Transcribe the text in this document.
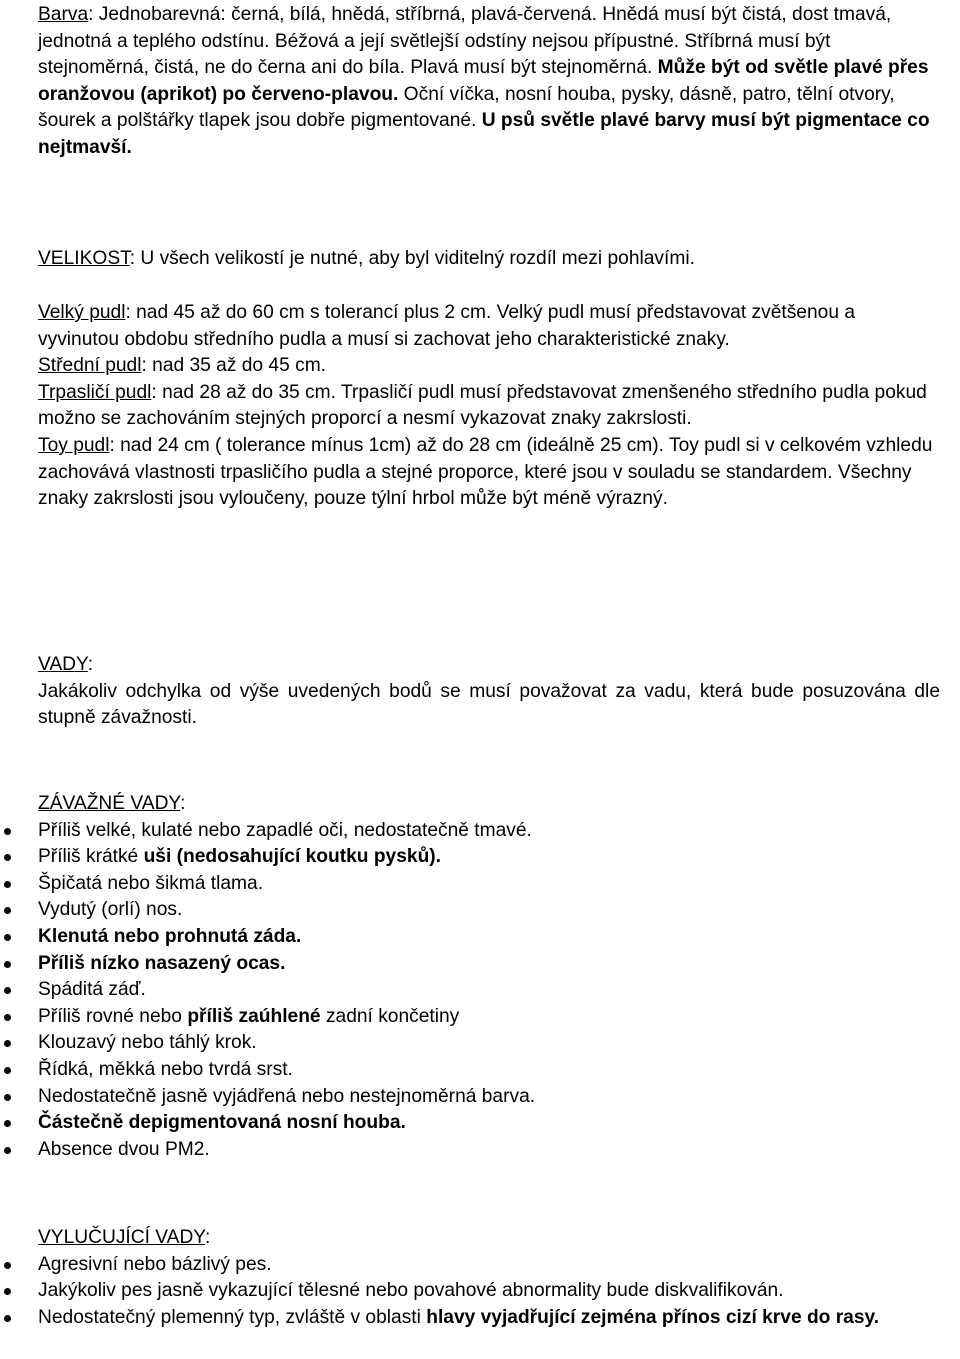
Barva: Jednobarevná: černá, bílá, hnědá, stříbrná, plavá-červená. Hnědá musí být čistá, dost tmavá, jednotná a teplého odstínu. Béžová a její světlejší odstíny nejsou přípustné. Stříbrná musí být stejnoměrná, čistá, ne do černa ani do bíla. Plavá musí být stejnoměrná. Může být od světle plavé přes oranžovou (aprikot) po červeno-plavou. Oční víčka, nosní houba, pysky, dásně, patro, tělní otvory, šourek a polštářky tlapek jsou dobře pigmentované. U psů světle plavé barvy musí být pigmentace co nejtmavší.

VELIKOST: U všech velikostí je nutné, aby byl viditelný rozdíl mezi pohlavími.

Velký pudl: nad 45 až do 60 cm s tolerancí plus 2 cm. Velký pudl musí představovat zvětšenou a vyvinutou obdobu středního pudla a musí si zachovat jeho charakteristické znaky.
Střední pudl: nad 35 až do 45 cm.
Trpasličí pudl: nad 28 až do 35 cm. Trpasličí pudl musí představovat zmenšeného středního pudla pokud možno se zachováním stejných proporcí a nesmí vykazovat znaky zakrslosti.
Toy pudl: nad 24 cm ( tolerance mínus 1cm) až do 28 cm (ideálně 25 cm). Toy pudl si v celkovém vzhledu zachovává vlastnosti trpasličího pudla a stejné proporce, které jsou v souladu se standardem. Všechny znaky zakrslosti jsou vyloučeny, pouze týlní hrbol může být méně výrazný.
VADY:
Jakákoliv odchylka od výše uvedených bodů se musí považovat za vadu, která bude posuzována dle stupně závažnosti.
ZÁVAŽNÉ VADY:
Příliš velké, kulaté nebo zapadlé oči, nedostatečně tmavé.
Příliš krátké uši (nedosahující koutku pysků).
Špičatá nebo šikmá tlama.
Vydutý (orlí) nos.
Klenutá nebo prohnutá záda.
Příliš nízko nasazený ocas.
Spáditá záď.
Příliš rovné nebo příliš zaúhlené zadní končetiny
Klouzavý nebo táhlý krok.
Řídká, měkká nebo tvrdá srst.
Nedostatečně jasně vyjádřená nebo nestejnoměrná barva.
Částečně depigmentovaná nosní houba.
Absence dvou PM2.
VYLUČUJÍCÍ VADY:
Agresivní nebo bázlivý pes.
Jakýkoliv pes jasně vykazující tělesné nebo povahové abnormality bude diskvalifikován.
Nedostatečný plemenný typ, zvláště v oblasti hlavy vyjadřující zejména přínos cizí krve do rasy.
